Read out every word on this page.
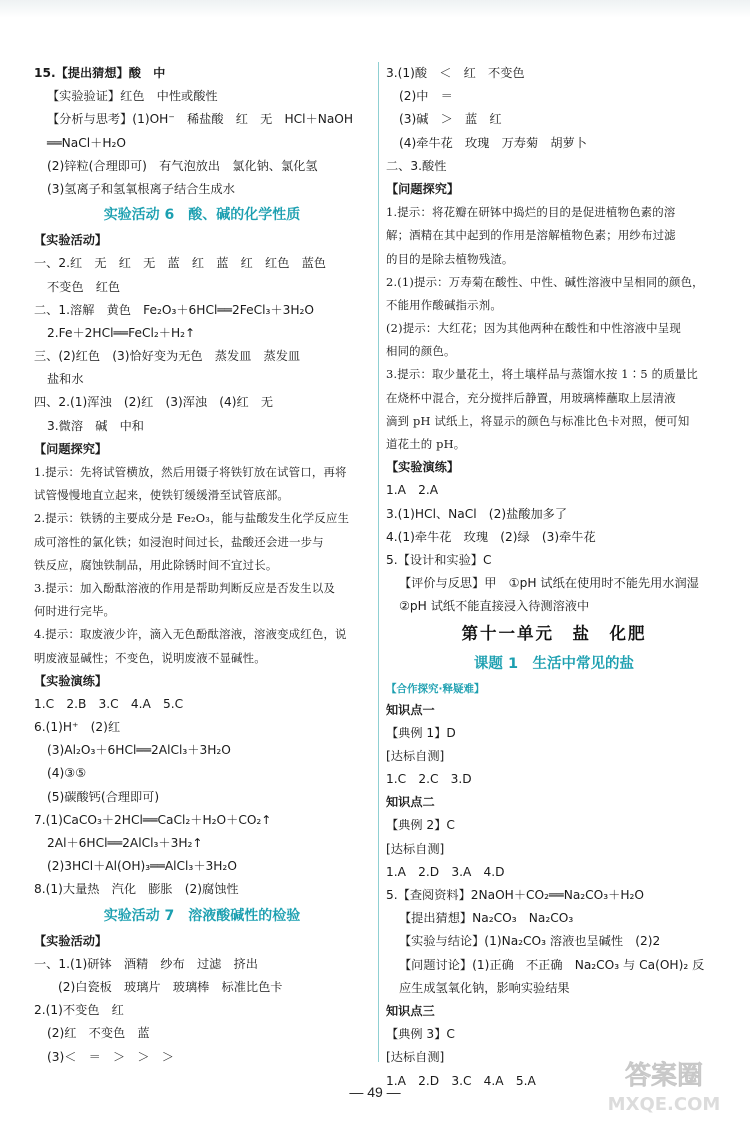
15.【提出猜想】酸　中
【实验验证】红色　中性或酸性
【分析与思考】(1)OH⁻　稀盐酸　红　无　HCl＋NaOH
══NaCl＋H₂O
(2)锌粒(合理即可)　有气泡放出　氯化钠、氯化氢
(3)氢离子和氢氧根离子结合生成水
实验活动 6　酸、碱的化学性质
【实验活动】
一、2.红　无　红　无　蓝　红　蓝　红　红色　蓝色
不变色　红色
二、1.溶解　黄色　Fe₂O₃＋6HCl══2FeCl₃＋3H₂O
2.Fe＋2HCl══FeCl₂＋H₂↑
三、(2)红色　(3)恰好变为无色　蒸发皿　蒸发皿
盐和水
四、2.(1)浑浊　(2)红　(3)浑浊　(4)红　无
3.微溶　碱　中和
【问题探究】
1.提示：先将试管横放，然后用镊子将铁钉放在试管口，再将
试管慢慢地直立起来，使铁钉缓缓滑至试管底部。
2.提示：铁锈的主要成分是 Fe₂O₃，能与盐酸发生化学反应生
成可溶性的氯化铁；如浸泡时间过长，盐酸还会进一步与
铁反应，腐蚀铁制品，用此除锈时间不宜过长。
3.提示：加入酚酞溶液的作用是帮助判断反应是否发生以及
何时进行完毕。
4.提示：取废液少许，滴入无色酚酞溶液，溶液变成红色，说
明废液显碱性；不变色，说明废液不显碱性。
【实验演练】
1.C　2.B　3.C　4.A　5.C
6.(1)H⁺　(2)红
(3)Al₂O₃＋6HCl══2AlCl₃＋3H₂O
(4)③⑤
(5)碳酸钙(合理即可)
7.(1)CaCO₃＋2HCl══CaCl₂＋H₂O＋CO₂↑
2Al＋6HCl══2AlCl₃＋3H₂↑
(2)3HCl＋Al(OH)₃══AlCl₃＋3H₂O
8.(1)大量热　汽化　膨胀　(2)腐蚀性
实验活动 7　溶液酸碱性的检验
【实验活动】
一、1.(1)研钵　酒精　纱布　过滤　挤出
(2)白瓷板　玻璃片　玻璃棒　标准比色卡
2.(1)不变色　红
(2)红　不变色　蓝
(3)＜　＝　＞　＞　＞
3.(1)酸　＜　红　不变色
(2)中　＝
(3)碱　＞　蓝　红
(4)牵牛花　玫瑰　万寿菊　胡萝卜
二、3.酸性
【问题探究】
1.提示：将花瓣在研钵中捣烂的目的是促进植物色素的溶
解；酒精在其中起到的作用是溶解植物色素；用纱布过滤
的目的是除去植物残渣。
2.(1)提示：万寿菊在酸性、中性、碱性溶液中呈相同的颜色，
不能用作酸碱指示剂。
(2)提示：大红花；因为其他两种在酸性和中性溶液中呈现
相同的颜色。
3.提示：取少量花土，将土壤样品与蒸馏水按 1∶5 的质量比
在烧杯中混合，充分搅拌后静置，用玻璃棒蘸取上层清液
滴到 pH 试纸上，将显示的颜色与标准比色卡对照，便可知
道花土的 pH。
【实验演练】
1.A　2.A
3.(1)HCl、NaCl　(2)盐酸加多了
4.(1)牵牛花　玫瑰　(2)绿　(3)牵牛花
5.【设计和实验】C
【评价与反思】甲　①pH 试纸在使用时不能先用水润湿
②pH 试纸不能直接浸入待测溶液中
第十一单元　盐　化肥
课题 1　生活中常见的盐
【合作探究·释疑难】
知识点一
【典例 1】D
[达标自测]
1.C　2.C　3.D
知识点二
【典例 2】C
[达标自测]
1.A　2.D　3.A　4.D
5.【查阅资料】2NaOH＋CO₂══Na₂CO₃＋H₂O
【提出猜想】Na₂CO₃　Na₂CO₃
【实验与结论】(1)Na₂CO₃ 溶液也呈碱性　(2)2
【问题讨论】(1)正确　不正确　Na₂CO₃ 与 Ca(OH)₂ 反
应生成氢氧化钠，影响实验结果
知识点三
【典例 3】C
[达标自测]
1.A　2.D　3.C　4.A　5.A
— 49 —
答案圈
MXQE.COM
